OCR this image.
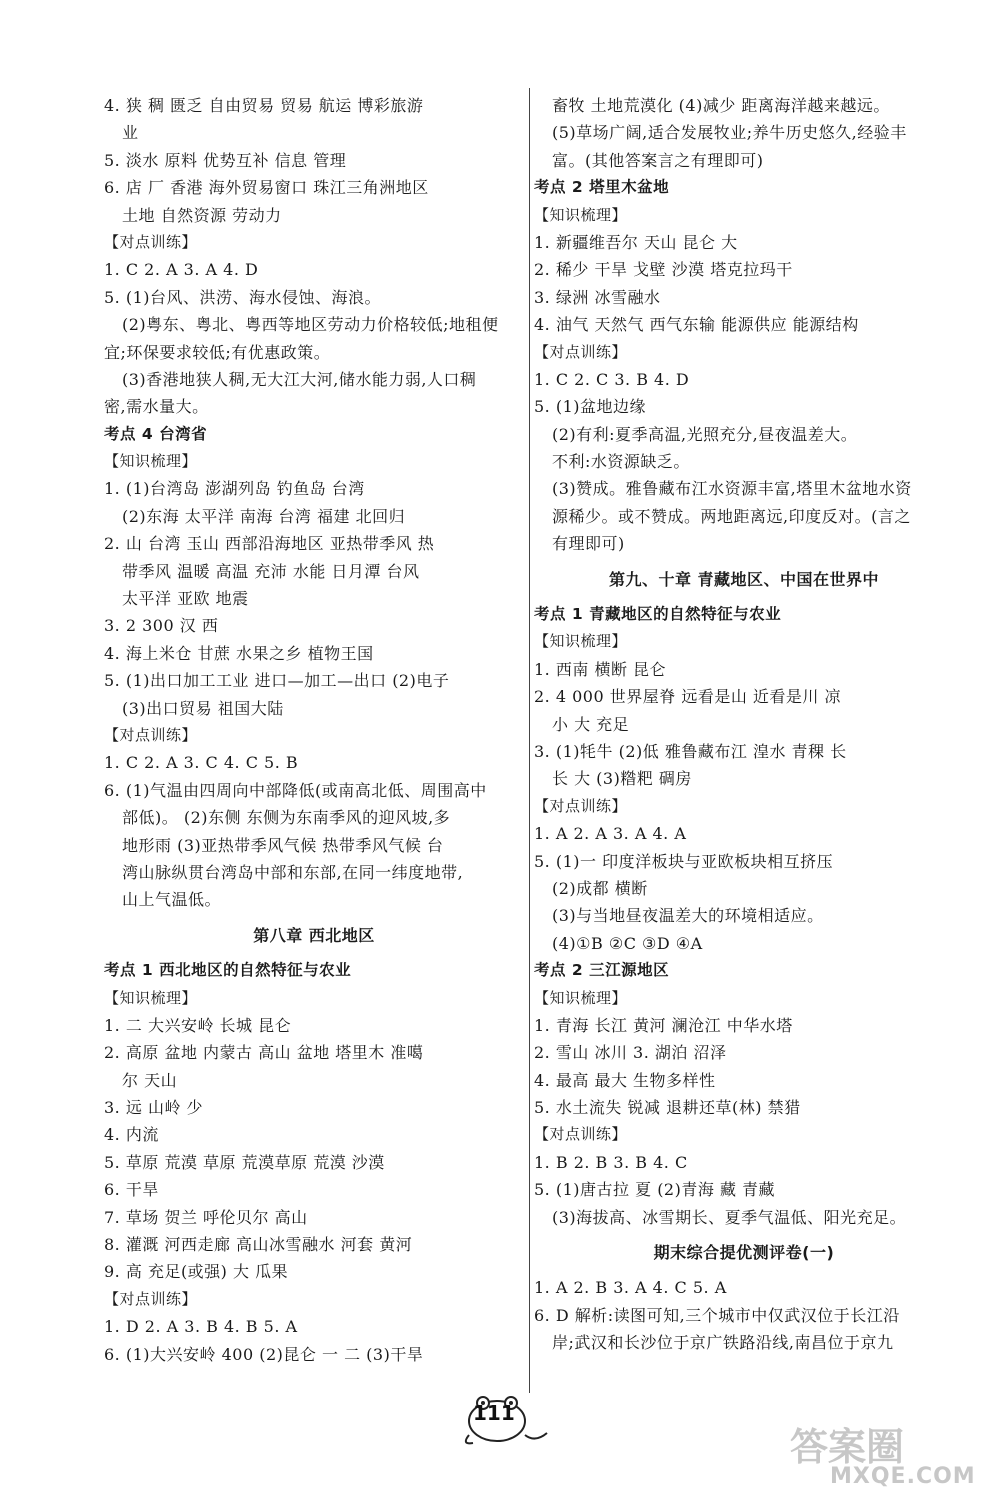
4. 狭 稠 匮乏 自由贸易 贸易 航运 博彩旅游
业
5. 淡水 原料 优势互补 信息 管理
6. 店 厂 香港 海外贸易窗口 珠江三角洲地区
土地 自然资源 劳动力
【对点训练】
1. C 2. A 3. A 4. D
5. (1)台风、洪涝、海水侵蚀、海浪。
(2)粤东、粤北、粤西等地区劳动力价格较低;地租便
宜;环保要求较低;有优惠政策。
(3)香港地狭人稠,无大江大河,储水能力弱,人口稠
密,需水量大。
考点 4 台湾省
【知识梳理】
1. (1)台湾岛 澎湖列岛 钓鱼岛 台湾
(2)东海 太平洋 南海 台湾 福建 北回归
2. 山 台湾 玉山 西部沿海地区 亚热带季风 热
带季风 温暖 高温 充沛 水能 日月潭 台风
太平洋 亚欧 地震
3. 2 300 汉 西
4. 海上米仓 甘蔗 水果之乡 植物王国
5. (1)出口加工工业 进口—加工—出口 (2)电子
(3)出口贸易 祖国大陆
【对点训练】
1. C 2. A 3. C 4. C 5. B
6. (1)气温由四周向中部降低(或南高北低、周围高中
部低)。 (2)东侧 东侧为东南季风的迎风坡,多
地形雨 (3)亚热带季风气候 热带季风气候 台
湾山脉纵贯台湾岛中部和东部,在同一纬度地带,
山上气温低。
第八章 西北地区
考点 1 西北地区的自然特征与农业
【知识梳理】
1. 二 大兴安岭 长城 昆仑
2. 高原 盆地 内蒙古 高山 盆地 塔里木 准噶
尔 天山
3. 远 山岭 少
4. 内流
5. 草原 荒漠 草原 荒漠草原 荒漠 沙漠
6. 干旱
7. 草场 贺兰 呼伦贝尔 高山
8. 灌溉 河西走廊 高山冰雪融水 河套 黄河
9. 高 充足(或强) 大 瓜果
【对点训练】
1. D 2. A 3. B 4. B 5. A
6. (1)大兴安岭 400 (2)昆仑 一 二 (3)干旱
畜牧 土地荒漠化 (4)减少 距离海洋越来越远。
(5)草场广阔,适合发展牧业;养牛历史悠久,经验丰
富。(其他答案言之有理即可)
考点 2 塔里木盆地
【知识梳理】
1. 新疆维吾尔 天山 昆仑 大
2. 稀少 干旱 戈壁 沙漠 塔克拉玛干
3. 绿洲 冰雪融水
4. 油气 天然气 西气东输 能源供应 能源结构
【对点训练】
1. C 2. C 3. B 4. D
5. (1)盆地边缘
(2)有利:夏季高温,光照充分,昼夜温差大。
不利:水资源缺乏。
(3)赞成。雅鲁藏布江水资源丰富,塔里木盆地水资
源稀少。或不赞成。两地距离远,印度反对。(言之
有理即可)
第九、十章 青藏地区、中国在世界中
考点 1 青藏地区的自然特征与农业
【知识梳理】
1. 西南 横断 昆仑
2. 4 000 世界屋脊 远看是山 近看是川 凉
小 大 充足
3. (1)牦牛 (2)低 雅鲁藏布江 湟水 青稞 长
长 大 (3)糌粑 碉房
【对点训练】
1. A 2. A 3. A 4. A
5. (1)一 印度洋板块与亚欧板块相互挤压
(2)成都 横断
(3)与当地昼夜温差大的环境相适应。
(4)①B ②C ③D ④A
考点 2 三江源地区
【知识梳理】
1. 青海 长江 黄河 澜沧江 中华水塔
2. 雪山 冰川 3. 湖泊 沼泽
4. 最高 最大 生物多样性
5. 水土流失 锐减 退耕还草(林) 禁猎
【对点训练】
1. B 2. B 3. B 4. C
5. (1)唐古拉 夏 (2)青海 藏 青藏
(3)海拔高、冰雪期长、夏季气温低、阳光充足。
期末综合提优测评卷(一)
1. A 2. B 3. A 4. C 5. A
6. D 解析:读图可知,三个城市中仅武汉位于长江沿
岸;武汉和长沙位于京广铁路沿线,南昌位于京九
111
答案圈
MXQE.COM
